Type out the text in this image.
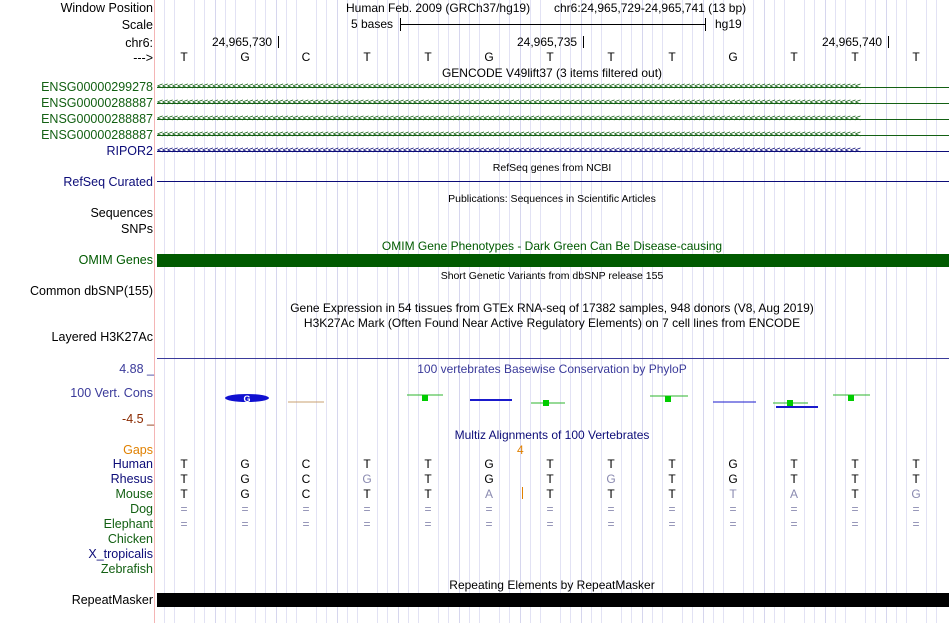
Window Position	Human Feb. 2009 (GRCh37/hg19) chr6:24,965,729-24,965,741 (13 bp)
Scale	5 bases	hg19
chr6:	24,965,730	24,965,735	24,965,740
---> T	G	C	T	T	G	T	T	T	G	T	T	T
GENCODE V49lift37 (3 items filtered out)
ENSG00000299278
ENSG00000288887
ENSG00000288887
ENSG00000288887
RIPOR2
<<<<<<<<<<<<<<<<<<<<<<<<<<<<<<<<<<<<<<<<<<<<<<<<<<<<<<<<<<<<<<<<<<<<<<<<<<<<<<<<<<<<<<<<<<<<<<<<<<<<<<<<<<<<<<<<<<<<<<<<<<<<<<<<<<<<<<<<<<<<
<<<<<<<<<<<<<<<<<<<<<<<<<<<<<<<<<<<<<<<<<<<<<<<<<<<<<<<<<<<<<<<<<<<<<<<<<<<<<<<<<<<<<<<<<<<<<<<<<<<<<<<<<<<<<<<<<<<<<<<<<<<<<<<<<<<<<<<<<<<<
<<<<<<<<<<<<<<<<<<<<<<<<<<<<<<<<<<<<<<<<<<<<<<<<<<<<<<<<<<<<<<<<<<<<<<<<<<<<<<<<<<<<<<<<<<<<<<<<<<<<<<<<<<<<<<<<<<<<<<<<<<<<<<<<<<<<<<<<<<<<
<<<<<<<<<<<<<<<<<<<<<<<<<<<<<<<<<<<<<<<<<<<<<<<<<<<<<<<<<<<<<<<<<<<<<<<<<<<<<<<<<<<<<<<<<<<<<<<<<<<<<<<<<<<<<<<<<<<<<<<<<<<<<<<<<<<<<<<<<<<<
<<<<<<<<<<<<<<<<<<<<<<<<<<<<<<<<<<<<<<<<<<<<<<<<<<<<<<<<<<<<<<<<<<<<<<<<<<<<<<<<<<<<<<<<<<<<<<<<<<<<<<<<<<<<<<<<<<<<<<<<<<<<<<<<<<<<<<<<<<<<
RefSeq genes from NCBI
RefSeq Curated
Publications: Sequences in Scientific Articles
Sequences
SNPs
OMIM Gene Phenotypes - Dark Green Can Be Disease-causing
OMIM Genes
Short Genetic Variants from dbSNP release 155
Common dbSNP(155)
Gene Expression in 54 tissues from GTEx RNA-seq of 17382 samples, 948 donors (V8, Aug 2019)
H3K27Ac Mark (Often Found Near Active Regulatory Elements) on 7 cell lines from ENCODE
Layered H3K27Ac
100 vertebrates Basewise Conservation by PhyloP
4.88 _
100 Vert. Cons
-4.5 _
G
Multiz Alignments of 100 Vertebrates
Gaps	4
Human T	G	C	T	T	G	T	T	T	G	T	T	T
Rhesus T	G	C	G	T	G	T	G	T	G	T	T	T
Mouse T	G	C	T	T	A	T	T	T	T	A	T	G
Dog =	=	=	=	=	=	=	=	=	=	=	=	=
Elephant =	=	=	=	=	=	=	=	=	=	=	=	=
Chicken
X_tropicalis
Zebrafish
Repeating Elements by RepeatMasker
RepeatMasker
